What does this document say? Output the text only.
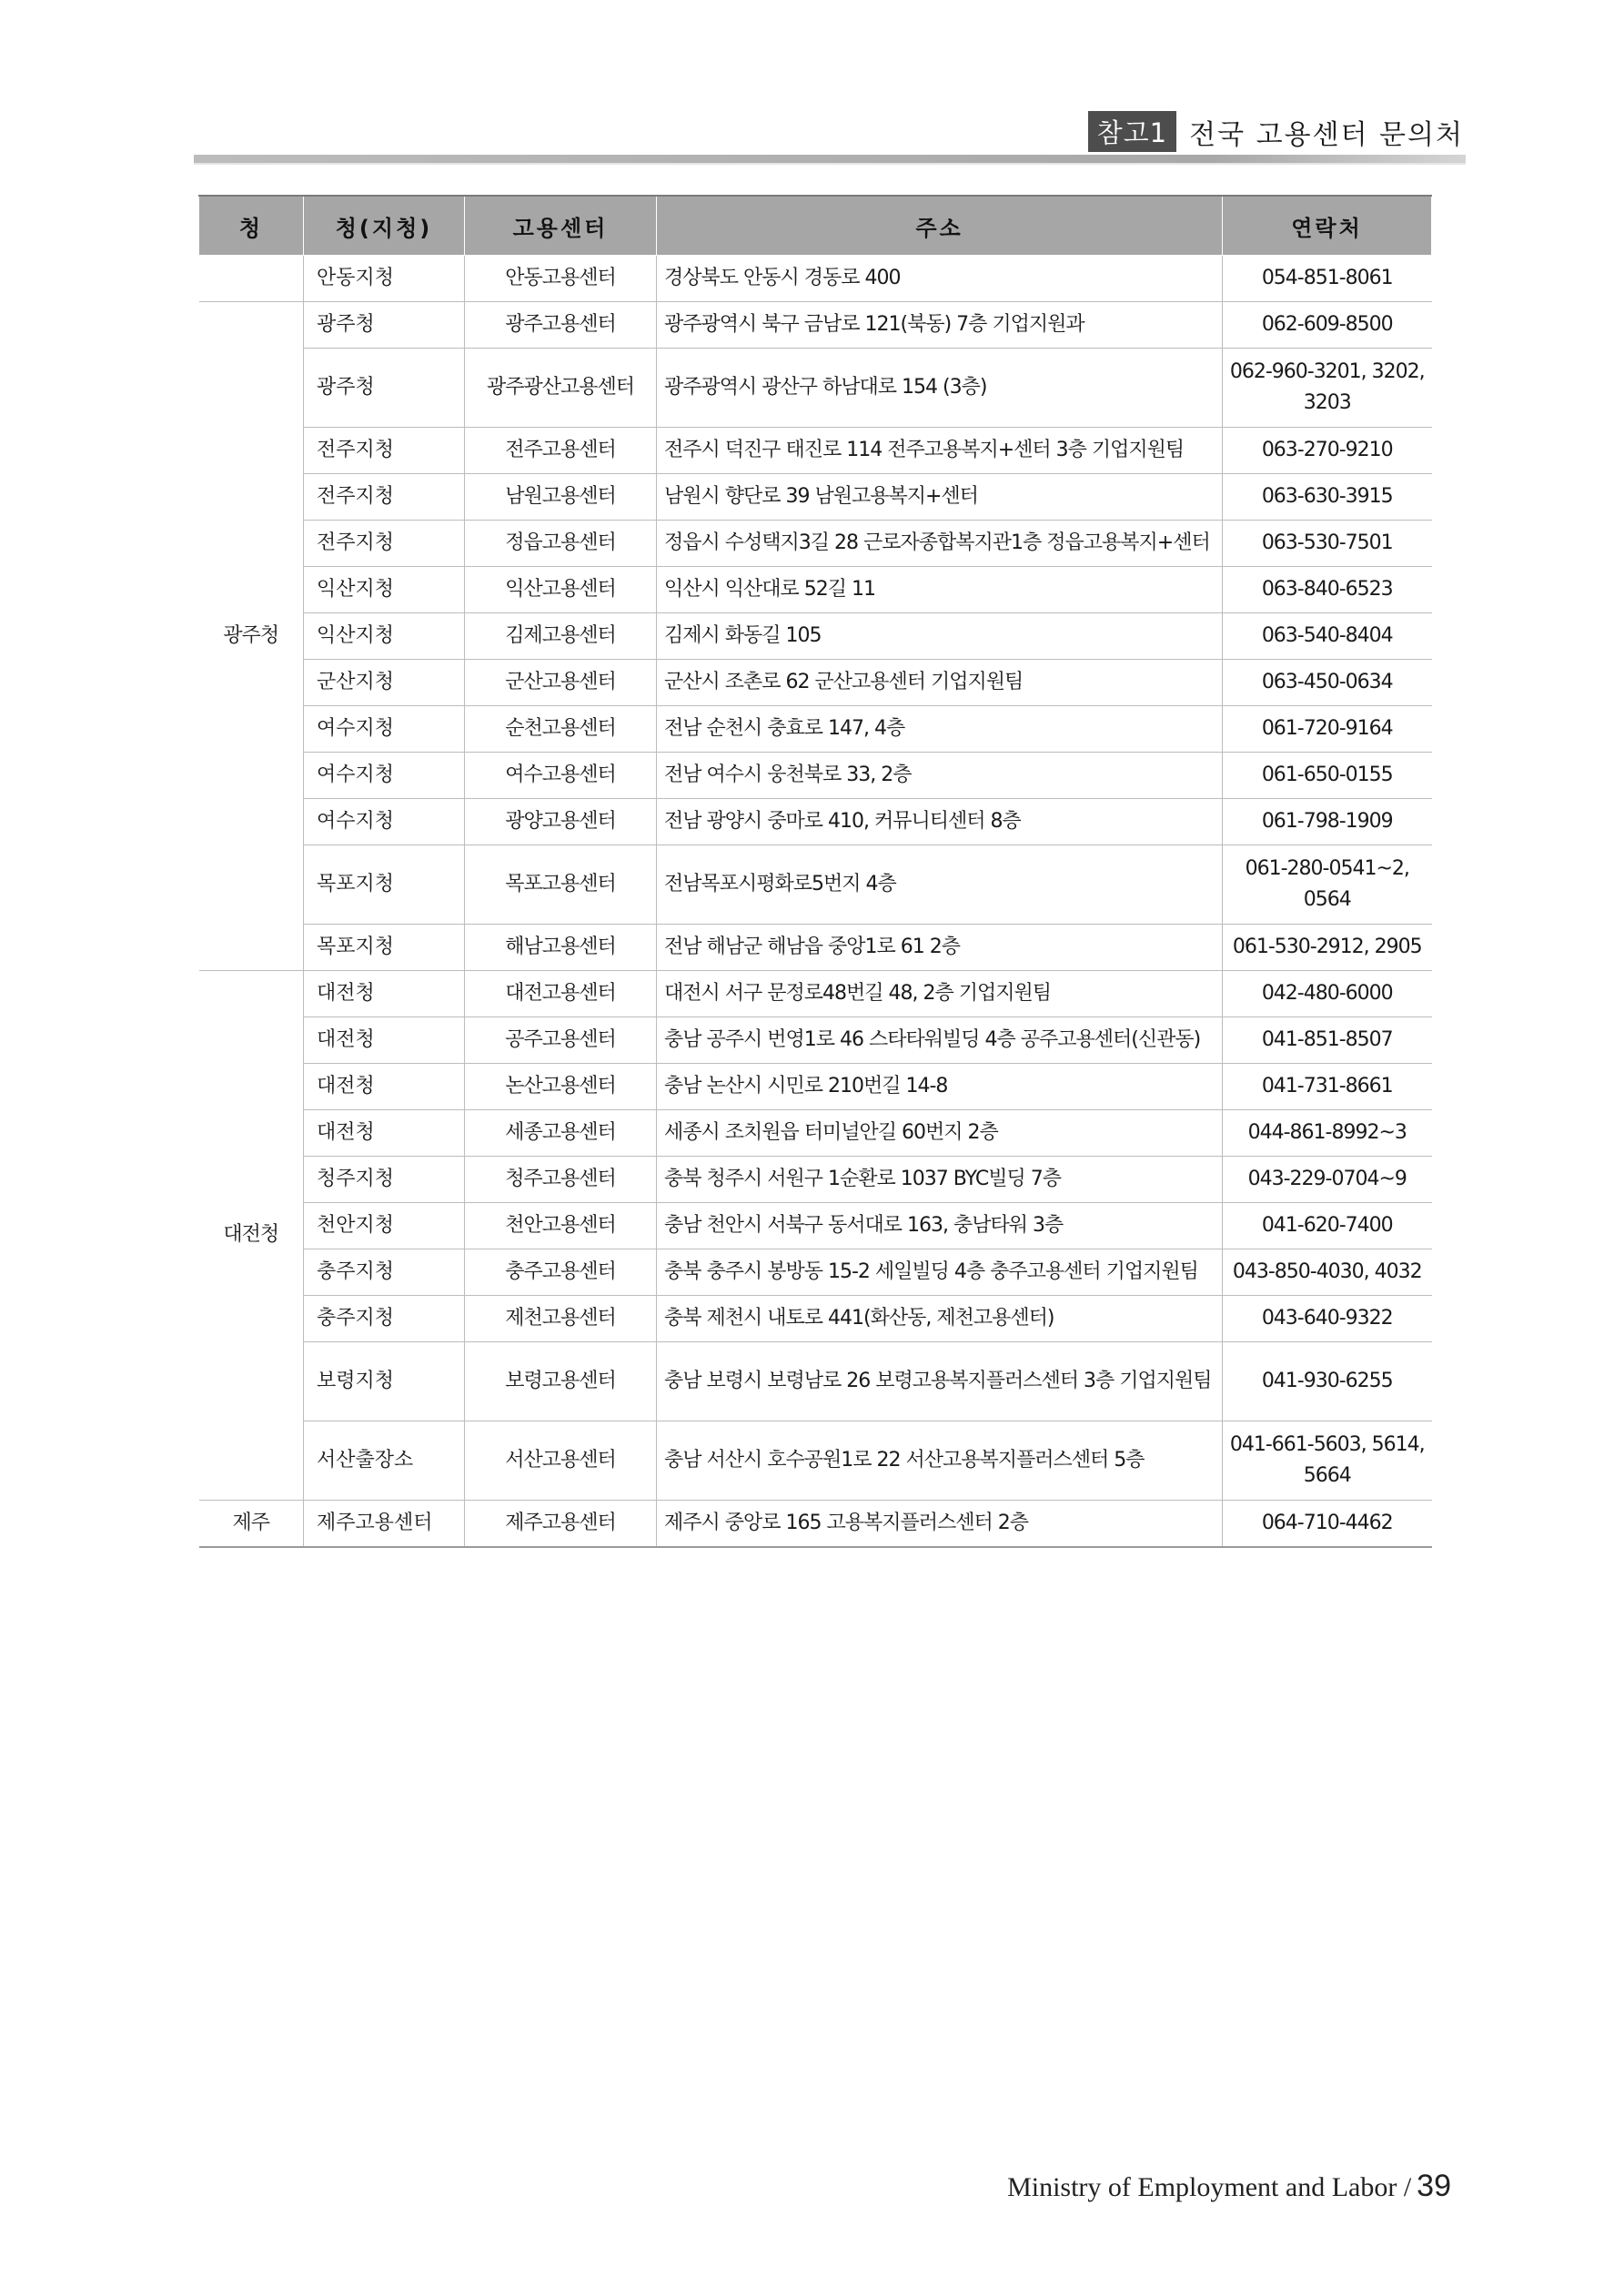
참고1 전국 고용센터 문의처
청	청(지청)	고용센터	주소	연락처
	안동지청	안동고용센터	경상북도 안동시 경동로 400	054-851-8061
광주청	광주청	광주고용센터	광주광역시 북구 금남로 121(북동) 7층 기업지원과	062-609-8500
	광주청	광주광산고용센터	광주광역시 광산구 하남대로 154 (3층)	062-960-3201, 3202, 3203
	전주지청	전주고용센터	전주시 덕진구 태진로 114 전주고용복지+센터 3층 기업지원팀	063-270-9210
	전주지청	남원고용센터	남원시 향단로 39 남원고용복지+센터	063-630-3915
	전주지청	정읍고용센터	정읍시 수성택지3길 28 근로자종합복지관1층 정읍고용복지+센터	063-530-7501
	익산지청	익산고용센터	익산시 익산대로 52길 11	063-840-6523
	익산지청	김제고용센터	김제시 화동길 105	063-540-8404
	군산지청	군산고용센터	군산시 조촌로 62 군산고용센터 기업지원팀	063-450-0634
	여수지청	순천고용센터	전남 순천시 충효로 147, 4층	061-720-9164
	여수지청	여수고용센터	전남 여수시 웅천북로 33, 2층	061-650-0155
	여수지청	광양고용센터	전남 광양시 중마로 410, 커뮤니티센터 8층	061-798-1909
	목포지청	목포고용센터	전남목포시평화로5번지 4층	061-280-0541~2, 0564
	목포지청	해남고용센터	전남 해남군 해남읍 중앙1로 61 2층	061-530-2912, 2905
대전청	대전청	대전고용센터	대전시 서구 문정로48번길 48, 2층 기업지원팀	042-480-6000
	대전청	공주고용센터	충남 공주시 번영1로 46 스타타워빌딩 4층 공주고용센터(신관동)	041-851-8507
	대전청	논산고용센터	충남 논산시 시민로 210번길 14-8	041-731-8661
	대전청	세종고용센터	세종시 조치원읍 터미널안길 60번지 2층	044-861-8992~3
	청주지청	청주고용센터	충북 청주시 서원구 1순환로 1037 BYC빌딩 7층	043-229-0704~9
	천안지청	천안고용센터	충남 천안시 서북구 동서대로 163, 충남타워 3층	041-620-7400
	충주지청	충주고용센터	충북 충주시 봉방동 15-2 세일빌딩 4층 충주고용센터 기업지원팀	043-850-4030, 4032
	충주지청	제천고용센터	충북 제천시 내토로 441(화산동, 제천고용센터)	043-640-9322
	보령지청	보령고용센터	충남 보령시 보령남로 26 보령고용복지플러스센터 3층 기업지원팀	041-930-6255
	서산출장소	서산고용센터	충남 서산시 호수공원1로 22 서산고용복지플러스센터 5층	041-661-5603, 5614, 5664
제주	제주고용센터	제주고용센터	제주시 중앙로 165 고용복지플러스센터 2층	064-710-4462
Ministry of Employment and Labor / 39
